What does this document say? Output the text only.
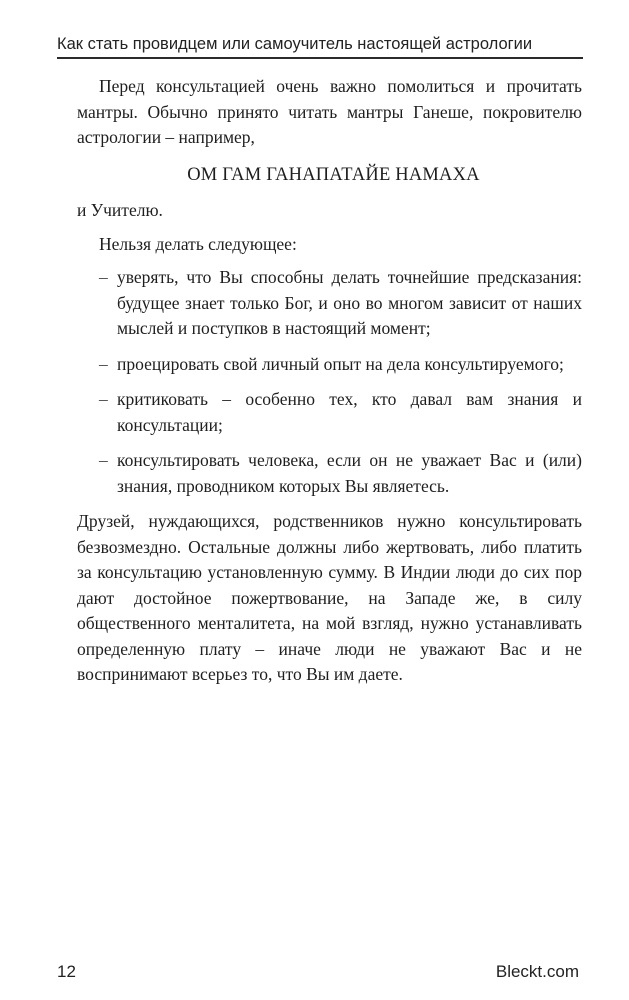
Как стать провидцем или самоучитель настоящей астрологии

Перед консультацией очень важно помолиться и прочитать мантры. Обычно принято читать мантры Ганеше, покровителю астрологии – например,

ОМ ГАМ ГАНАПАТАЙЕ НАМАХА

и Учителю.

Нельзя делать следующее:

– уверять, что Вы способны делать точнейшие предсказания: будущее знает только Бог, и оно во многом зависит от наших мыслей и поступков в настоящий момент;
– проецировать свой личный опыт на дела консультируемого;
– критиковать – особенно тех, кто давал вам знания и консультации;
– консультировать человека, если он не уважает Вас и (или) знания, проводником которых Вы являетесь.

Друзей, нуждающихся, родственников нужно консультировать безвозмездно. Остальные должны либо жертвовать, либо платить за консультацию установленную сумму. В Индии люди до сих пор дают достойное пожертвование, на Западе же, в силу общественного менталитета, на мой взгляд, нужно устанавливать определенную плату – иначе люди не уважают Вас и не воспринимают всерьез то, что Вы им даете.

12	Bleckt.com
